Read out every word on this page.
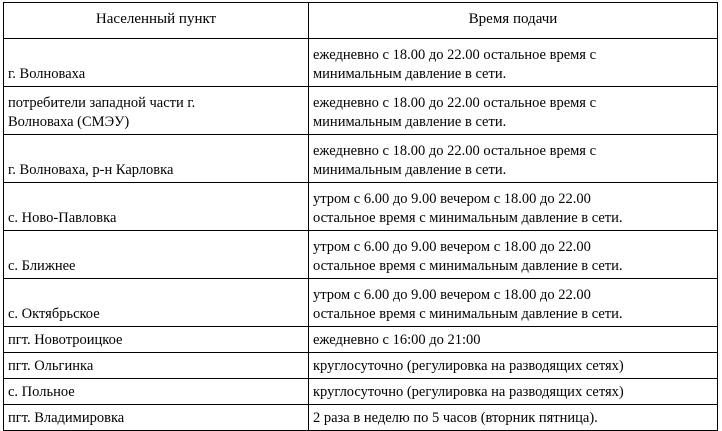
Населенный пункт	Время подачи

г. Волноваха	ежедневно с 18.00 до 22.00 остальное время с
минимальным давление в сети.

потребители западной части г.
Волноваха (СМЭУ)	ежедневно с 18.00 до 22.00 остальное время с
минимальным давление в сети.

г. Волноваха, р-н Карловка	ежедневно с 18.00 до 22.00 остальное время с
минимальным давление в сети.

с. Ново-Павловка	утром с 6.00 до 9.00 вечером с 18.00 до 22.00
остальное время с минимальным давление в сети.

с. Ближнее	утром с 6.00 до 9.00 вечером с 18.00 до 22.00
остальное время с минимальным давление в сети.

с. Октябрьское	утром с 6.00 до 9.00 вечером с 18.00 до 22.00
остальное время с минимальным давление в сети.

пгт. Новотроицкое	ежедневно с 16:00 до 21:00

пгт. Ольгинка	круглосуточно (регулировка на разводящих сетях)

с. Польное	круглосуточно (регулировка на разводящих сетях)

пгт. Владимировка	2 раза в неделю по 5 часов (вторник пятница).
